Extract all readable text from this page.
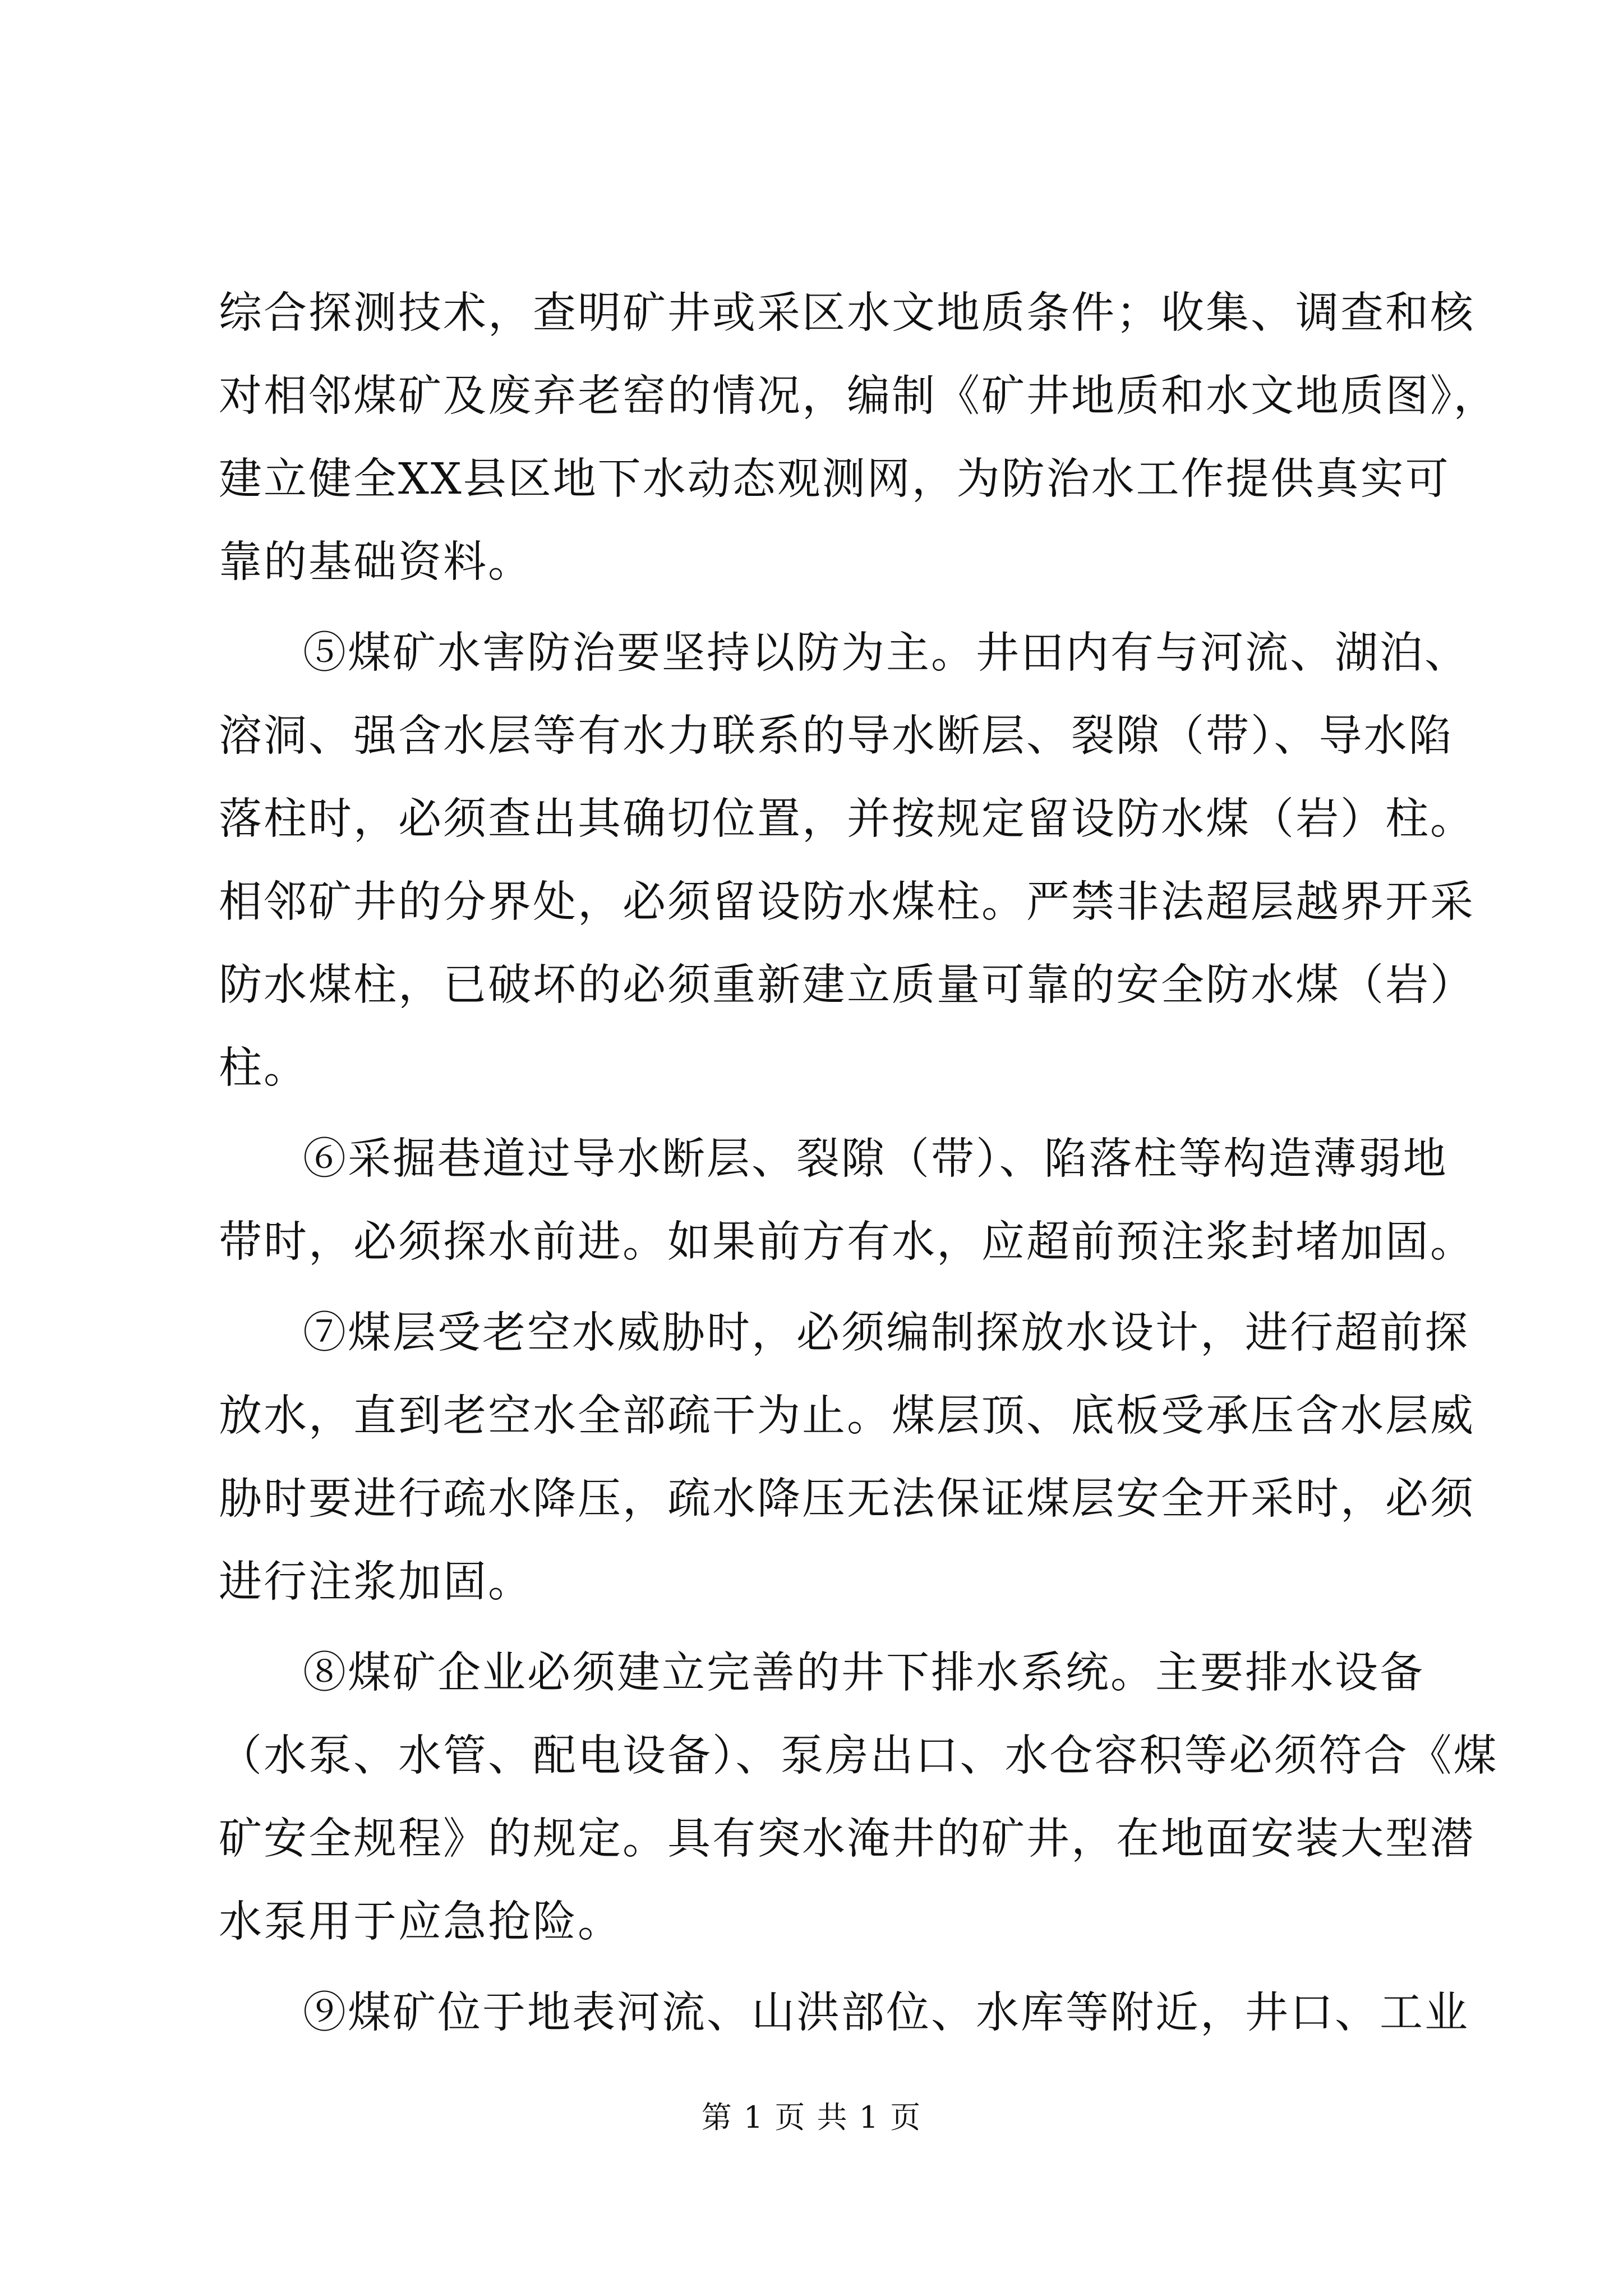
综合探测技术，查明矿井或采区水文地质条件；收集、调查和核
对相邻煤矿及废弃老窑的情况，编制《矿井地质和水文地质图》，
建立健全XX县区地下水动态观测网，为防治水工作提供真实可
靠的基础资料。
⑤煤矿水害防治要坚持以防为主。井田内有与河流、湖泊、
溶洞、强含水层等有水力联系的导水断层、裂隙（带）、导水陷
落柱时，必须查出其确切位置，并按规定留设防水煤（岩）柱。
相邻矿井的分界处，必须留设防水煤柱。严禁非法超层越界开采
防水煤柱，已破坏的必须重新建立质量可靠的安全防水煤（岩）
柱。
⑥采掘巷道过导水断层、裂隙（带）、陷落柱等构造薄弱地
带时，必须探水前进。如果前方有水，应超前预注浆封堵加固。
⑦煤层受老空水威胁时，必须编制探放水设计，进行超前探
放水，直到老空水全部疏干为止。煤层顶、底板受承压含水层威
胁时要进行疏水降压，疏水降压无法保证煤层安全开采时，必须
进行注浆加固。
⑧煤矿企业必须建立完善的井下排水系统。主要排水设备
（水泵、水管、配电设备）、泵房出口、水仓容积等必须符合《煤
矿安全规程》的规定。具有突水淹井的矿井，在地面安装大型潜
水泵用于应急抢险。
⑨煤矿位于地表河流、山洪部位、水库等附近，井口、工业
第 1 页 共 1 页
